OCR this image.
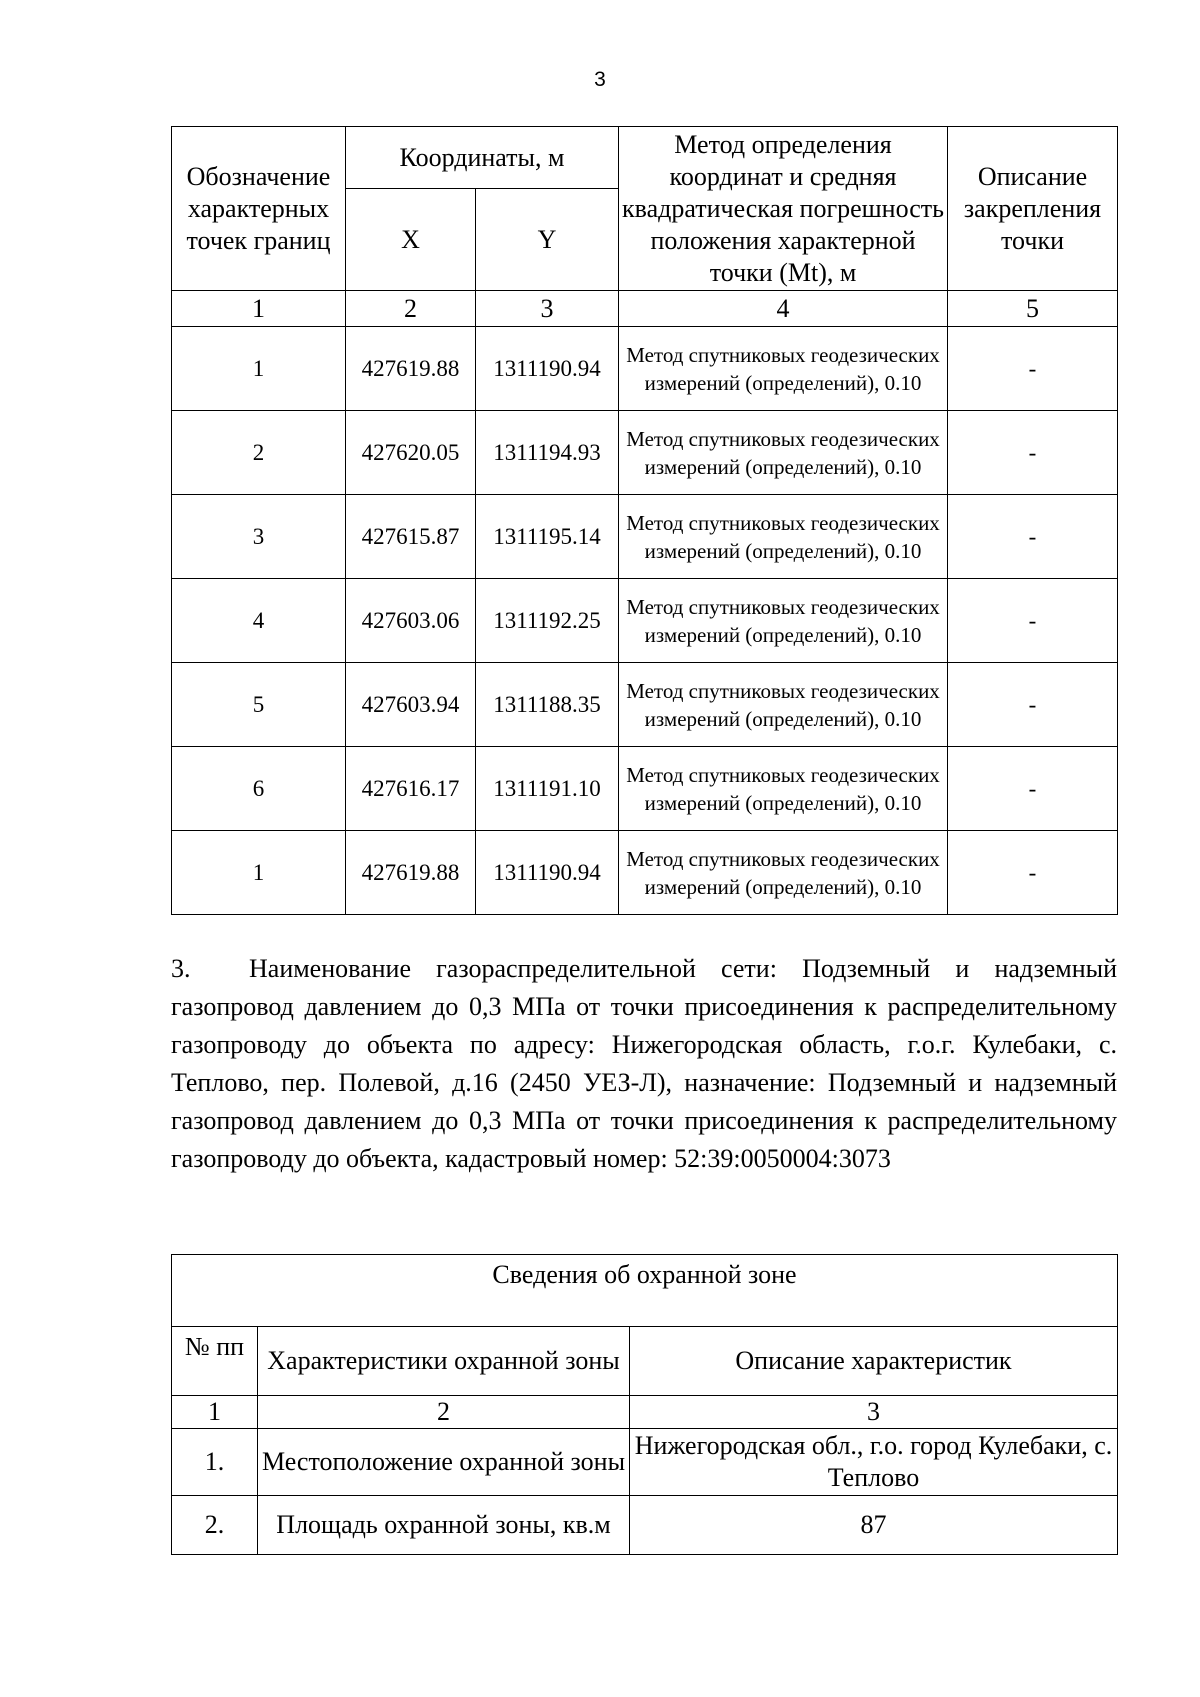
3
Обозначение характерных точек границ	Координаты, м		Метод определения координат и средняя квадратическая погрешность положения характерной точки (Mt), м	Описание закрепления точки
	X	Y		
1	2	3	4	5
1	427619.88	1311190.94	Метод спутниковых геодезических измерений (определений), 0.10	-
2	427620.05	1311194.93	Метод спутниковых геодезических измерений (определений), 0.10	-
3	427615.87	1311195.14	Метод спутниковых геодезических измерений (определений), 0.10	-
4	427603.06	1311192.25	Метод спутниковых геодезических измерений (определений), 0.10	-
5	427603.94	1311188.35	Метод спутниковых геодезических измерений (определений), 0.10	-
6	427616.17	1311191.10	Метод спутниковых геодезических измерений (определений), 0.10	-
1	427619.88	1311190.94	Метод спутниковых геодезических измерений (определений), 0.10	-

3. Наименование газораспределительной сети: Подземный и надземный газопровод давлением до 0,3 МПа от точки присоединения к распределительному газопроводу до объекта по адресу: Нижегородская область, г.о.г. Кулебаки, с. Теплово, пер. Полевой, д.16 (2450 УЕЗ-Л), назначение: Подземный и надземный газопровод давлением до 0,3 МПа от точки присоединения к распределительному газопроводу до объекта, кадастровый номер: 52:39:0050004:3073

Сведения об охранной зоне		
№ пп	Характеристики охранной зоны	Описание характеристик
1	2	3
1.	Местоположение охранной зоны	Нижегородская обл., г.о. город Кулебаки, с. Теплово
2.	Площадь охранной зоны, кв.м	87
